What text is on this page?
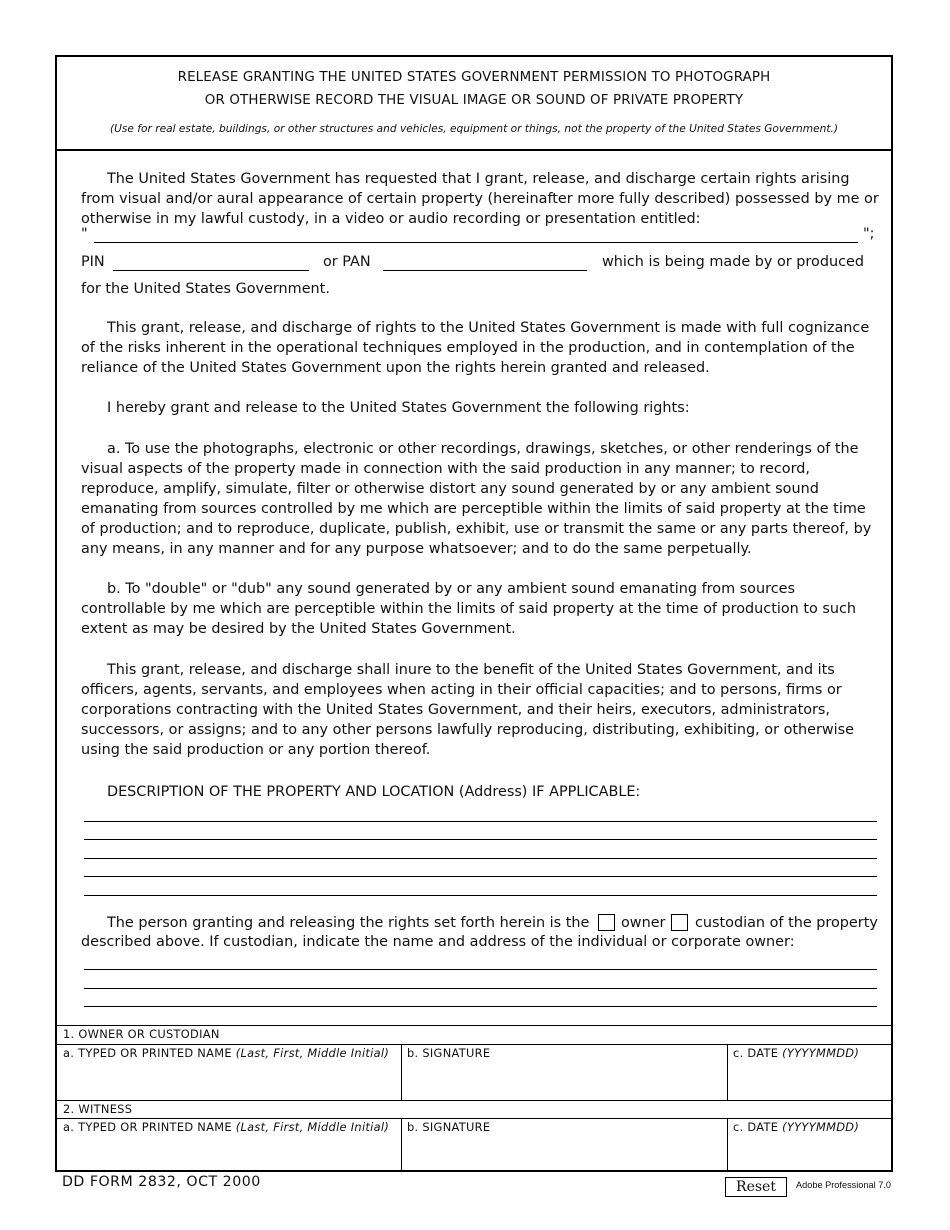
RELEASE GRANTING THE UNITED STATES GOVERNMENT PERMISSION TO PHOTOGRAPH
OR OTHERWISE RECORD THE VISUAL IMAGE OR SOUND OF PRIVATE PROPERTY
(Use for real estate, buildings, or other structures and vehicles, equipment or things, not the property of the United States Government.)

The United States Government has requested that I grant, release, and discharge certain rights arising from visual and/or aural appearance of certain property (hereinafter more fully described) possessed by me or otherwise in my lawful custody, in a video or audio recording or presentation entitled:

"	";
PIN	or PAN	which is being made by or produced
for the United States Government.

This grant, release, and discharge of rights to the United States Government is made with full cognizance of the risks inherent in the operational techniques employed in the production, and in contemplation of the reliance of the United States Government upon the rights herein granted and released.

I hereby grant and release to the United States Government the following rights:

a. To use the photographs, electronic or other recordings, drawings, sketches, or other renderings of the visual aspects of the property made in connection with the said production in any manner; to record, reproduce, amplify, simulate, filter or otherwise distort any sound generated by or any ambient sound emanating from sources controlled by me which are perceptible within the limits of said property at the time of production; and to reproduce, duplicate, publish, exhibit, use or transmit the same or any parts thereof, by any means, in any manner and for any purpose whatsoever; and to do the same perpetually.

b. To "double" or "dub" any sound generated by or any ambient sound emanating from sources controllable by me which are perceptible within the limits of said property at the time of production to such extent as may be desired by the United States Government.

This grant, release, and discharge shall inure to the benefit of the United States Government, and its officers, agents, servants, and employees when acting in their official capacities; and to persons, firms or corporations contracting with the United States Government, and their heirs, executors, administrators, successors, or assigns; and to any other persons lawfully reproducing, distributing, exhibiting, or otherwise using the said production or any portion thereof.

DESCRIPTION OF THE PROPERTY AND LOCATION (Address) IF APPLICABLE:
The person granting and releasing the rights set forth herein is the owner custodian of the property
described above. If custodian, indicate the name and address of the individual or corporate owner:
1. OWNER OR CUSTODIAN
a. TYPED OR PRINTED NAME (Last, First, Middle Initial)	b. SIGNATURE	c. DATE (YYYYMMDD)
2. WITNESS
a. TYPED OR PRINTED NAME (Last, First, Middle Initial)	b. SIGNATURE	c. DATE (YYYYMMDD)
DD FORM 2832, OCT 2000	Reset	Adobe Professional 7.0
